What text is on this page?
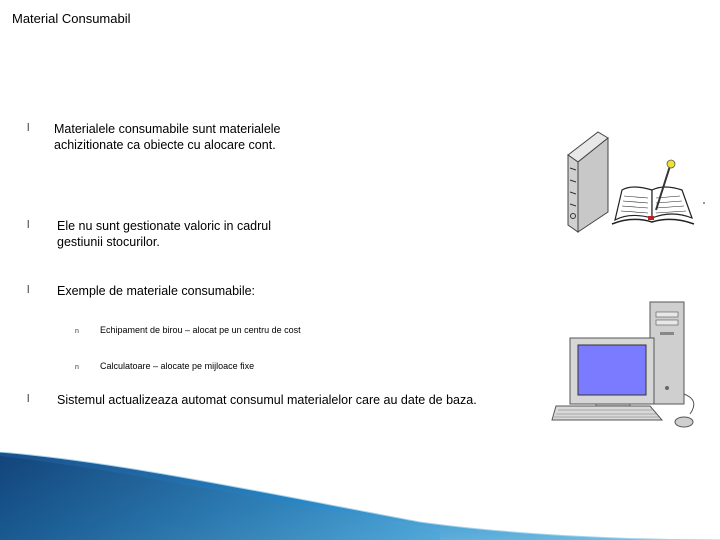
Material Consumabil
l Materialele consumabile sunt materialele
achizitionate ca obiecte cu alocare cont.
l Ele nu sunt gestionate valoric in cadrul
gestiunii stocurilor.
l Exemple de materiale consumabile:
n Echipament de birou – alocat pe un centru de cost
n Calculatoare – alocate pe mijloace fixe
l Sistemul actualizeaza automat consumul materialelor care au date de baza.
